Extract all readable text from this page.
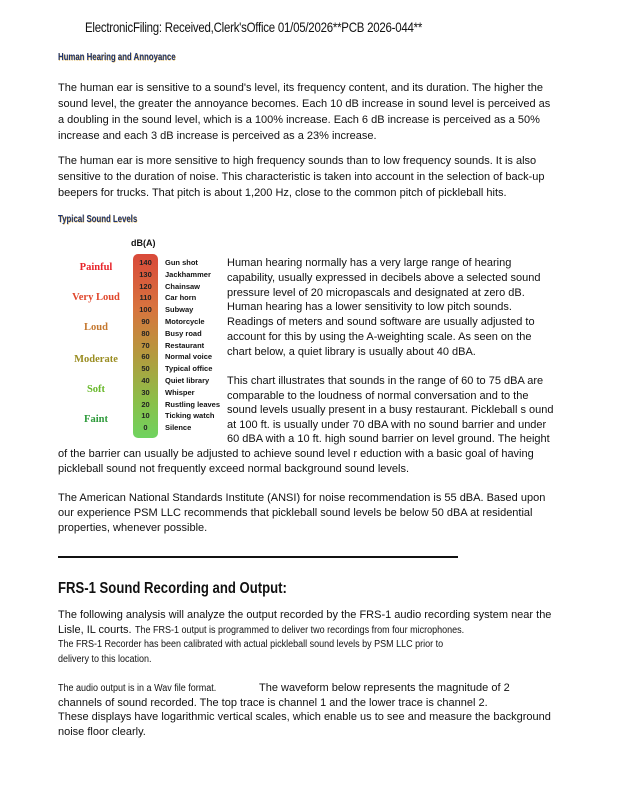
ElectronicFiling: Received,Clerk'sOffice 01/05/2026**PCB 2026-044**
Human Hearing and Annoyance
The human ear is sensitive to a sound's level, its frequency content, and its duration. The higher the
sound level, the greater the annoyance becomes. Each 10 dB increase in sound level is perceived as
a doubling in the sound level, which is a 100% increase. Each 6 dB increase is perceived as a 50%
increase and each 3 dB increase is perceived as a 23% increase.
The human ear is more sensitive to high frequency sounds than to low frequency sounds. It is also
sensitive to the duration of noise. This characteristic is taken into account in the selection of back-up
beepers for trucks. That pitch is about 1,200 Hz, close to the common pitch of pickleball hits.
Typical Sound Levels
dB(A)
140	Gun shot
130	Jackhammer
120	Chainsaw
110	Car horn
100	Subway
90	Motorcycle
80	Busy road
70	Restaurant
60	Normal voice
50	Typical office
40	Quiet library
30	Whisper
20	Rustling leaves
10	Ticking watch
0	Silence
Painful
Very Loud
Loud
Moderate
Soft
Faint
Human hearing normally has a very large range of hearing
capability, usually expressed in decibels above a selected sound
pressure level of 20 micropascals and designated at zero dB.
Human hearing has a lower sensitivity to low pitch sounds.
Readings of meters and sound software are usually adjusted to
account for this by using the A-weighting scale. As seen on the
chart below, a quiet library is usually about 40 dBA.
This chart illustrates that sounds in the range of 60 to 75 dBA are
comparable to the loudness of normal conversation and to the
sound levels usually present in a busy restaurant. Pickleball s ound
at 100 ft. is usually under 70 dBA with no sound barrier and under
60 dBA with a 10 ft. high sound barrier on level ground. The height
of the barrier can usually be adjusted to achieve sound level r eduction with a basic goal of having
pickleball sound not frequently exceed normal background sound levels.
The American National Standards Institute (ANSI) for noise recommendation is 55 dBA. Based upon
our experience PSM LLC recommends that pickleball sound levels be below 50 dBA at residential
properties, whenever possible.
FRS-1 Sound Recording and Output:
The following analysis will analyze the output recorded by the FRS-1 audio recording system near the
Lisle, IL courts. The FRS-1 output is programmed to deliver two recordings from four microphones.
The FRS-1 Recorder has been calibrated with actual pickleball sound levels by PSM LLC prior to
delivery to this location.
The audio output is in a Wav file format.	The waveform below represents the magnitude of 2
channels of sound recorded. The top trace is channel 1 and the lower trace is channel 2.
These displays have logarithmic vertical scales, which enable us to see and measure the background
noise floor clearly.
